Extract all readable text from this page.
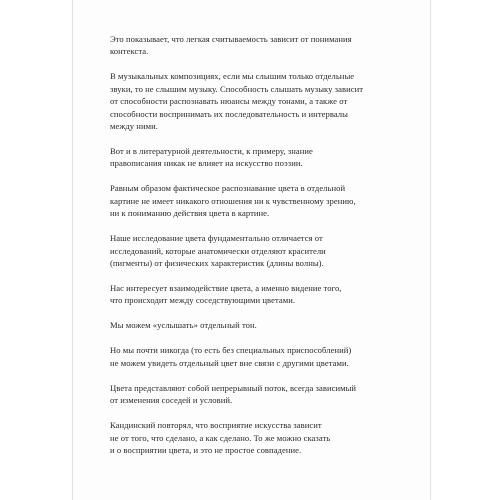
Это показывает, что легкая считываемость зависит от понимания
контекста.

В музыкальных композициях, если мы слышим только отдельные
звуки, то не слышим музыку. Способность слышать музыку зависит
от способности распознавать нюансы между тонами, а также от
способности воспринимать их последовательность и интервалы
между ними.

Вот и в литературной деятельности, к примеру, знание
правописания никак не влияет на искусство поэзии.

Равным образом фактическое распознавание цвета в отдельной
картине не имеет никакого отношения ни к чувственному зрению,
ни к пониманию действия цвета в картине.

Наше исследование цвета фундаментально отличается от
исследований, которые анатомически отделяют красители
(пигменты) от физических характеристик (длины волны).

Нас интересует взаимодействие цвета, а именно видение того,
что происходит между соседствующими цветами.

Мы можем «услышать» отдельный тон.

Но мы почти никогда (то есть без специальных приспособлений)
не можем увидеть отдельный цвет вне связи с другими цветами.

Цвета представляют собой непрерывный поток, всегда зависимый
от изменения соседей и условий.

Кандинский повторял, что восприятие искусства зависит
не от того, что сделано, а как сделано. То же можно сказать
и о восприятии цвета, и это не простое совпадение.
